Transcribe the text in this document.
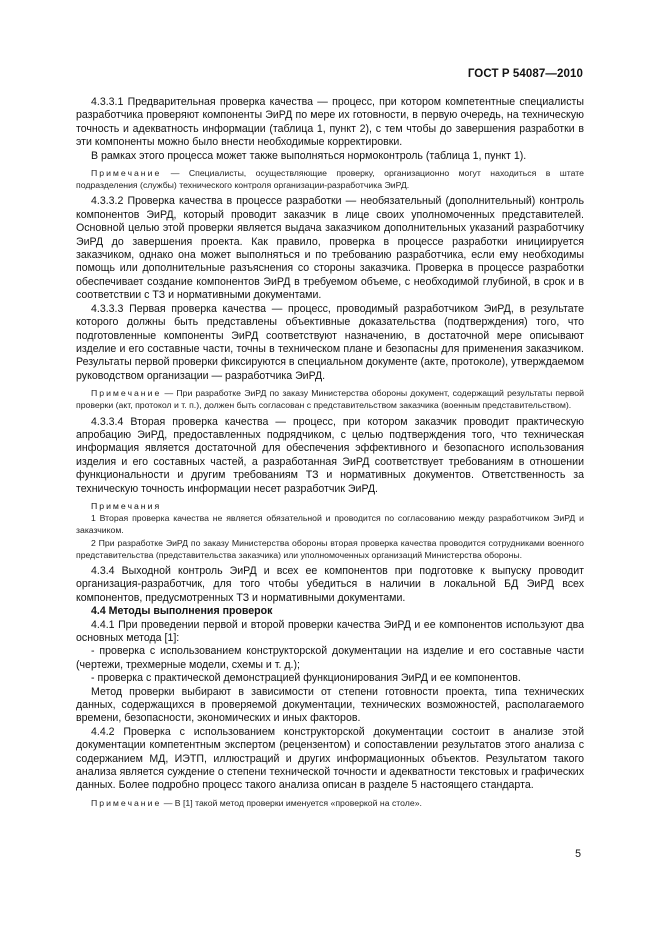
ГОСТ Р 54087—2010

4.3.3.1 Предварительная проверка качества — процесс, при котором компетентные специалисты разработчика проверяют компоненты ЭиРД по мере их готовности, в первую очередь, на техническую точность и адекватность информации (таблица 1, пункт 2), с тем чтобы до завершения разработки в эти компоненты можно было внести необходимые корректировки.

В рамках этого процесса может также выполняться нормоконтроль (таблица 1, пункт 1).

Примечание — Специалисты, осуществляющие проверку, организационно могут находиться в штате подразделения (службы) технического контроля организации-разработчика ЭиРД.

4.3.3.2 Проверка качества в процессе разработки — необязательный (дополнительный) контроль компонентов ЭиРД, который проводит заказчик в лице своих уполномоченных представителей. Основной целью этой проверки является выдача заказчиком дополнительных указаний разработчику ЭиРД до завершения проекта. Как правило, проверка в процессе разработки инициируется заказчиком, однако она может выполняться и по требованию разработчика, если ему необходимы помощь или дополнительные разъяснения со стороны заказчика. Проверка в процессе разработки обеспечивает создание компонентов ЭиРД в требуемом объеме, с необходимой глубиной, в срок и в соответствии с ТЗ и нормативными документами.

4.3.3.3 Первая проверка качества — процесс, проводимый разработчиком ЭиРД, в результате которого должны быть представлены объективные доказательства (подтверждения) того, что подготовленные компоненты ЭиРД соответствуют назначению, в достаточной мере описывают изделие и его составные части, точны в техническом плане и безопасны для применения заказчиком. Результаты первой проверки фиксируются в специальном документе (акте, протоколе), утверждаемом руководством организации — разработчика ЭиРД.

Примечание — При разработке ЭиРД по заказу Министерства обороны документ, содержащий результаты первой проверки (акт, протокол и т. п.), должен быть согласован с представительством заказчика (военным представительством).

4.3.3.4 Вторая проверка качества — процесс, при котором заказчик проводит практическую апробацию ЭиРД, предоставленных подрядчиком, с целью подтверждения того, что техническая информация является достаточной для обеспечения эффективного и безопасного использования изделия и его составных частей, а разработанная ЭиРД соответствует требованиям в отношении функциональности и другим требованиям ТЗ и нормативных документов. Ответственность за техническую точность информации несет разработчик ЭиРД.

Примечания

1 Вторая проверка качества не является обязательной и проводится по согласованию между разработчиком ЭиРД и заказчиком.

2 При разработке ЭиРД по заказу Министерства обороны вторая проверка качества проводится сотрудниками военного представительства (представительства заказчика) или уполномоченных организаций Министерства обороны.

4.3.4 Выходной контроль ЭиРД и всех ее компонентов при подготовке к выпуску проводит организация-разработчик, для того чтобы убедиться в наличии в локальной БД ЭиРД всех компонентов, предусмотренных ТЗ и нормативными документами.

4.4 Методы выполнения проверок

4.4.1 При проведении первой и второй проверки качества ЭиРД и ее компонентов используют два основных метода [1]:

- проверка с использованием конструкторской документации на изделие и его составные части (чертежи, трехмерные модели, схемы и т. д.);

- проверка с практической демонстрацией функционирования ЭиРД и ее компонентов.

Метод проверки выбирают в зависимости от степени готовности проекта, типа технических данных, содержащихся в проверяемой документации, технических возможностей, располагаемого времени, безопасности, экономических и иных факторов.

4.4.2 Проверка с использованием конструкторской документации состоит в анализе этой документации компетентным экспертом (рецензентом) и сопоставлении результатов этого анализа с содержанием МД, ИЭТП, иллюстраций и других информационных объектов. Результатом такого анализа является суждение о степени технической точности и адекватности текстовых и графических данных. Более подробно процесс такого анализа описан в разделе 5 настоящего стандарта.

Примечание — В [1] такой метод проверки именуется «проверкой на столе».

5
